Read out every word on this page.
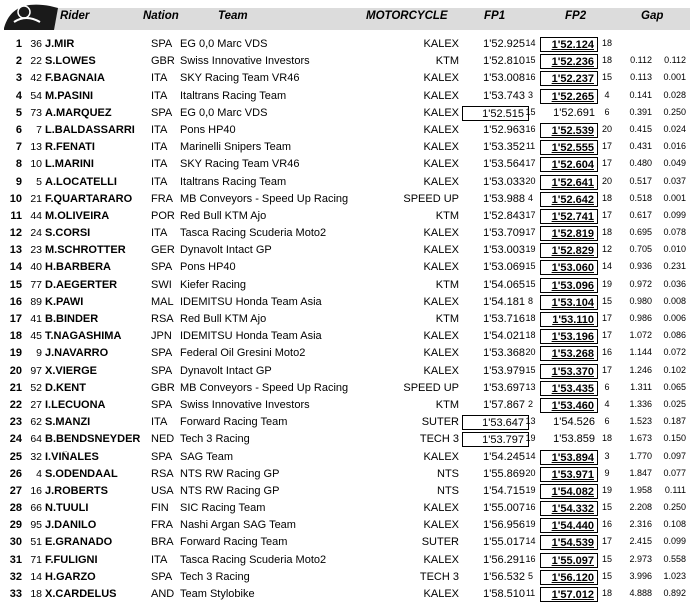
Rider	Nation	Team	MOTORCYCLE	FP1	FP2	Gap
1 36 J.MIR	SPA EG 0,0 Marc VDS	KALEX	1'52.925 14	1'52.124 18
2 22 S.LOWES	GBR Swiss Innovative Investors	KTM	1'52.810 15	1'52.236 18	0.112	0.112
3 42 F.BAGNAIA	ITA SKY Racing Team VR46	KALEX	1'53.008 16	1'52.237 15	0.113	0.001
4 54 M.PASINI	ITA Italtrans Racing Team	KALEX	1'53.743 3	1'52.265	4	0.141	0.028
5 73 A.MARQUEZ	SPA EG 0,0 Marc VDS	KALEX	1'52.515 15	1'52.691	6	0.391	0.250
6	7 L.BALDASSARRI	ITA Pons HP40	KALEX	1'52.963 16	1'52.539 20	0.415	0.024
7 13 R.FENATI	ITA Marinelli Snipers Team	KALEX	1'53.352 11	1'52.555 17	0.431	0.016
8 10 L.MARINI	ITA SKY Racing Team VR46	KALEX	1'53.564 17	1'52.604 17	0.480	0.049
9	5 A.LOCATELLI	ITA Italtrans Racing Team	KALEX	1'53.033 20	1'52.641 20	0.517	0.037
10 21 F.QUARTARARO	FRA MB Conveyors - Speed Up Racing	SPEED UP	1'53.988 4	1'52.642 18	0.518	0.001
11 44 M.OLIVEIRA	POR Red Bull KTM Ajo	KTM	1'52.843 17	1'52.741 17	0.617	0.099
12 24 S.CORSI	ITA Tasca Racing Scuderia Moto2	KALEX	1'53.709 17	1'52.819 18	0.695	0.078
13 23 M.SCHROTTER	GER Dynavolt Intact GP	KALEX	1'53.003 19	1'52.829 12	0.705	0.010
14 40 H.BARBERA	SPA Pons HP40	KALEX	1'53.069 15	1'53.060 14	0.936	0.231
15 77 D.AEGERTER	SWI Kiefer Racing	KTM	1'54.065 15	1'53.096 19	0.972	0.036
16 89 K.PAWI	MAL IDEMITSU Honda Team Asia	KALEX	1'54.181 8	1'53.104 15	0.980	0.008
17 41 B.BINDER	RSA Red Bull KTM Ajo	KTM	1'53.716 18	1'53.110 17	0.986	0.006
18 45 T.NAGASHIMA	JPN IDEMITSU Honda Team Asia	KALEX	1'54.021 18	1'53.196 17	1.072	0.086
19	9 J.NAVARRO	SPA Federal Oil Gresini Moto2	KALEX	1'53.368 20	1'53.268 16	1.144	0.072
20 97 X.VIERGE	SPA Dynavolt Intact GP	KALEX	1'53.979 15	1'53.370 17	1.246	0.102
21 52 D.KENT	GBR MB Conveyors - Speed Up Racing	SPEED UP	1'53.697 13	1'53.435	6	1.311	0.065
22 27 I.LECUONA	SPA Swiss Innovative Investors	KTM	1'57.867 2	1'53.460	4	1.336	0.025
23 62 S.MANZI	ITA Forward Racing Team	SUTER	1'53.647 13	1'54.526	6	1.523	0.187
24 64 B.BENDSNEYDER NED Tech 3 Racing	TECH 3	1'53.797 19	1'53.859 18	1.673	0.150
25 32 I.VIÑALES	SPA SAG Team	KALEX	1'54.245 14	1'53.894	3	1.770	0.097
26	4 S.ODENDAAL	RSA NTS RW Racing GP	NTS	1'55.869 20	1'53.971	9	1.847	0.077
27 16 J.ROBERTS	USA NTS RW Racing GP	NTS	1'54.715 19	1'54.082 19	1.958	0.111
28 66 N.TUULI	FIN SIC Racing Team	KALEX	1'55.007 16	1'54.332 15	2.208	0.250
29 95 J.DANILO	FRA Nashi Argan SAG Team	KALEX	1'56.956 19	1'54.440 16	2.316	0.108
30 51 E.GRANADO	BRA Forward Racing Team	SUTER	1'55.017 14	1'54.539 17	2.415	0.099
31 71 F.FULIGNI	ITA Tasca Racing Scuderia Moto2	KALEX	1'56.291 16	1'55.097 15	2.973	0.558
32 14 H.GARZO	SPA Tech 3 Racing	TECH 3	1'56.532 5	1'56.120 15	3.996	1.023
33 18 X.CARDELUS	AND Team Stylobike	KALEX	1'58.510 11	1'57.012 18	4.888	0.892
